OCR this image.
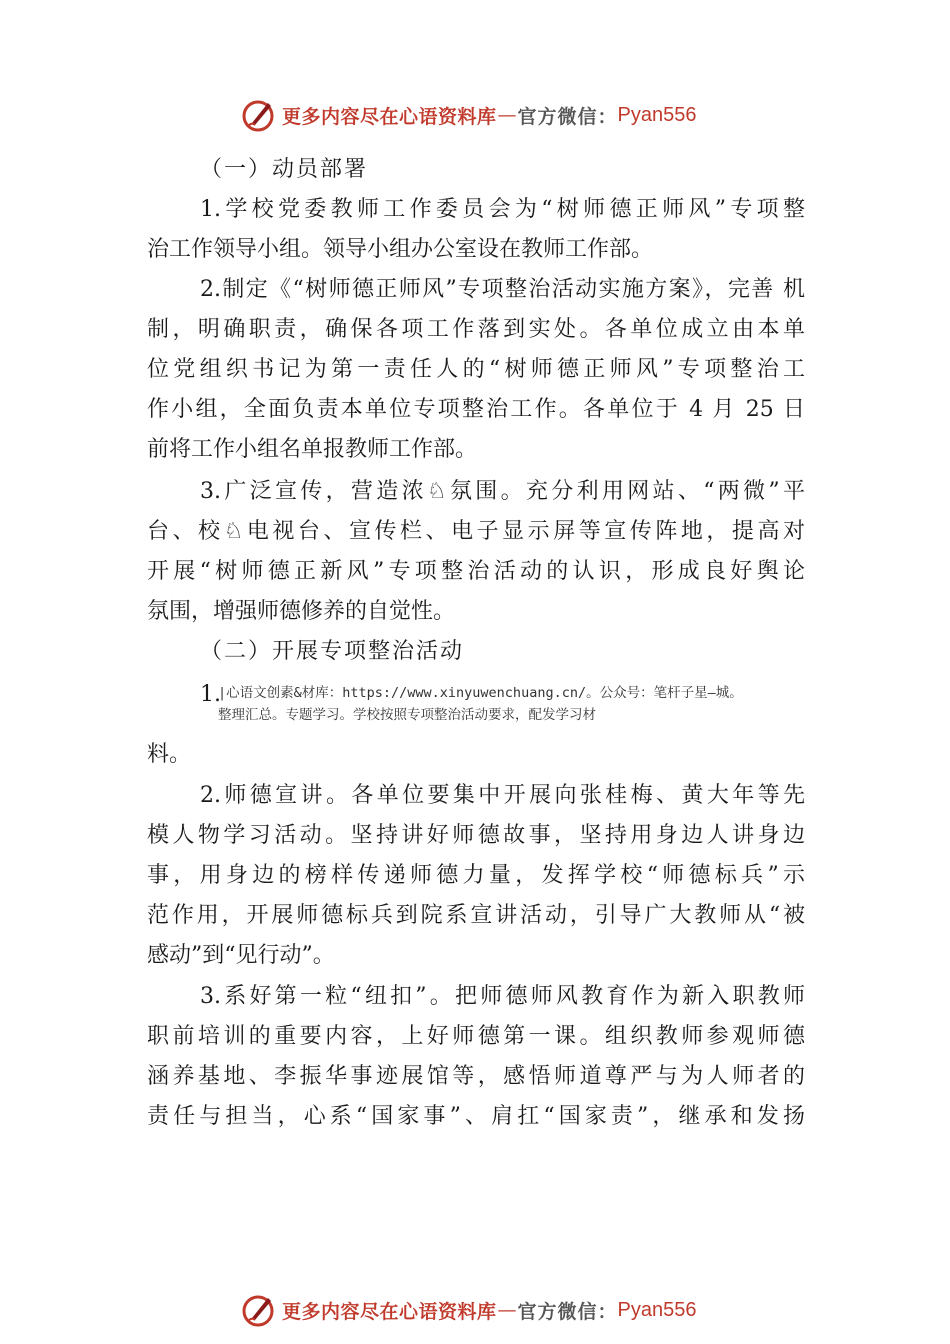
更多内容尽在心语资料库 — 官方微信： Pyan556

（一）动员部署

1.学校党委教师工作委员会为“树师德正师风”专项整

治工作领导小组。领导小组办公室设在教师工作部。

2.制定《“树师德正师风”专项整治活动实施方案》，完善 机

制，明确职责，确保各项工作落到实处。各单位成立由本单

位党组织书记为第一责任人的“树师德正师风”专项整治工

作小组，全面负责本单位专项整治工作。各单位于 4 月 25 日

前将工作小组名单报教师工作部。

3.广泛宣传，营造浓♘氛围。充分利用网站、“两微”平

台、校♘电视台、宣传栏、电子显示屏等宣传阵地，提高对

开展“树师德正新风”专项整治活动的认识，形成良好舆论

氛围，增强师德修养的自觉性。

（二）开展专项整治活动

1.
|心语文创素&材库：https://www.xinyuwenchuang.cn/。公众号：笔杆子星—城。
整理汇总。专题学习。学校按照专项整治活动要求，配发学习材

料。

2.师德宣讲。各单位要集中开展向张桂梅、黄大年等先

模人物学习活动。坚持讲好师德故事，坚持用身边人讲身边

事，用身边的榜样传递师德力量，发挥学校“师德标兵”示

范作用，开展师德标兵到院系宣讲活动，引导广大教师从“被

感动”到“见行动”。

3.系好第一粒“纽扣”。把师德师风教育作为新入职教师

职前培训的重要内容，上好师德第一课。组织教师参观师德

涵养基地、李振华事迹展馆等，感悟师道尊严与为人师者的

责任与担当，心系“国家事”、肩扛“国家责”，继承和发扬

更多内容尽在心语资料库 — 官方微信： Pyan556
